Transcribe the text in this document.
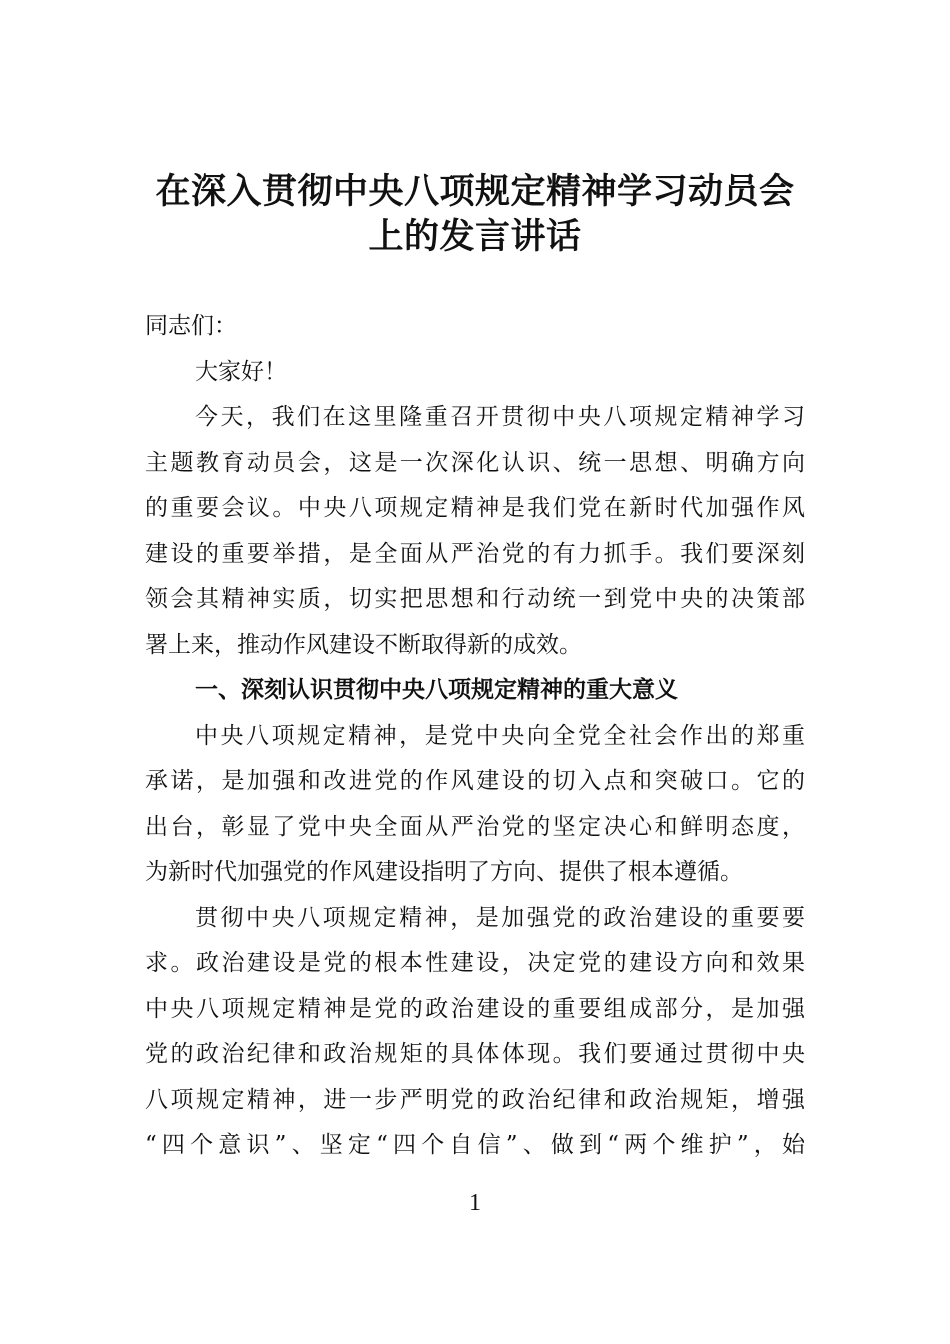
在深入贯彻中央八项规定精神学习动员会
上的发言讲话
同志们：
大家好！
今天，我们在这里隆重召开贯彻中央八项规定精神学习
主题教育动员会，这是一次深化认识、统一思想、明确方向
的重要会议。中央八项规定精神是我们党在新时代加强作风
建设的重要举措，是全面从严治党的有力抓手。我们要深刻
领会其精神实质，切实把思想和行动统一到党中央的决策部
署上来，推动作风建设不断取得新的成效。
一、深刻认识贯彻中央八项规定精神的重大意义
中央八项规定精神，是党中央向全党全社会作出的郑重
承诺，是加强和改进党的作风建设的切入点和突破口。它的
出台，彰显了党中央全面从严治党的坚定决心和鲜明态度，
为新时代加强党的作风建设指明了方向、提供了根本遵循。
贯彻中央八项规定精神，是加强党的政治建设的重要要
求。政治建设是党的根本性建设，决定党的建设方向和效果
中央八项规定精神是党的政治建设的重要组成部分，是加强
党的政治纪律和政治规矩的具体体现。我们要通过贯彻中央
八项规定精神，进一步严明党的政治纪律和政治规矩，增强
“四个意识”、坚定“四个自信”、做到“两个维护”，始
1
